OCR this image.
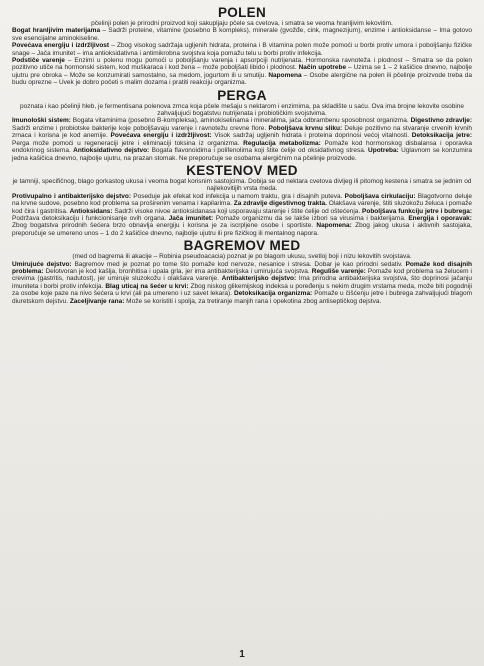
POLEN

pčelinji polen je prirodni proizvod koji sakupljaju pčele sa cvetova, i smatra se veoma hranljivim lekovitim.

Bogat hranljivim materijama – Sadrži proteine, vitamine (posebno B kompleks), minerale (gvožđe, cink, magnezijum), enzime i antioksidanse – Ima gotovo sve esencijalne aminokiseline.

Povećava energiju i izdržljivost – Zbog visokog sadržaja ugljenih hidrata, proteina i B vitamina polen može pomoći u borbi protiv umora i poboljšanju fizičke snage – Jača imunitet – ima antioksidativna i antimikrobna svojstva koja pomažu telu u borbi protiv infekcija.

Podstiče varenje – Enzimi u polenu mogu pomoći u poboljšanju varenja i apsorpciji nutrijenata. Hormonska ravnoteža i plodnost – Smatra se da polen pozitivno utiče na hormonski sistem, kod muškaraca i kod žena – može poboljšati libido i plodnost. Način upotrebe – Uzima se 1 – 2 kašičice dnevno, najbolje ujutru pre obroka – Može se konzumirati samostalno, sa medom, jogurtom ili u smutiju. Napomena – Osobe alergične na polen ili pčelinje proizvode treba da budu oprezne – Uvek je dobro početi s malim dozama i pratiti reakciju organizma.

PERGA

poznata i kao pčelinji hleb, je fermentisana polenova zrnca koja pčele mešaju s nektarom i enzimima, pa skladište u saću. Ova ima brojne lekovite osobine zahvaljujući bogatstvu nutrijenata i probiotičkim svojstvima.

Imunološki sistem: Bogata vitaminima (posebno B-kompleksa), aminokiselinama i mineralima, jača odbrambenu sposobnost organizma. Digestivno zdravlje: Sadrži enzime i probiotske bakterije koje poboljšavaju varenje i ravnotežu crevne flore. Poboljšava krvnu sliku: Deluje pozitivno na stvaranje crvenih krvnih zrnaca i korisna je kod anemije. Povećava energiju i izdržljivost: Visok sadržaj ugljenih hidrata i proteina doprinosi većoj vitalnosti. Detoksikacija jetre: Perga može pomoći u regeneraciji jetre i eliminaciji toksina iz organizma. Regulacija metabolizma: Pomaže kod hormonskog disbalansa i oporavka endokrinog sistema. Antioksidativno dejstvo: Bogata flavonoidima i polifenolima koji štite ćelije od oksidativnog stresa. Upotreba: Uglavnom se konzumira jedna kašičica dnevno, najbolje ujutru, na prazan stomak. Ne preporučuje se osobama alergičnim na pčelinje proizvode.

KESTENOV MED

je tamniji, specifičnog, blago gorkastog ukusa i veoma bogat korisnim sastojcima. Dobija se od nektara cvetova divljeg ili pitomog kestena i smatra se jednim od najlekovitijih vrsta meda.

Protivupalno i antibakterijsko dejstvo: Poseduje jak efekat kod infekcija u namom traktu, gra i disajnih puteva. Poboljšava cirkulaciju: Blagotvorno deluje na krvne sudove, posebno kod problema sa proširenim venama i kapilarima. Za zdravlje digestivnog trakta. Olakšava varenje, štiti sluzokožu želuca i pomaže kod čira i gastritisa. Antioksidans: Sadrži visoke nivoe antioksidanasa koji usporavaju starenje i štite ćelije od oštećenja. Poboljšava funkciju jetre i bubrega: Podržava detoksikaciju i funkcionisanje ovih organa. Jača imunitet: Pomaže organizmu da se lakše izbori sa virusima i bakterijama. Energija i oporavak: Zbog bogatstva prirodnih šećera brzo obnavlja energiju i korisna je za iscrpljene osobe i sportiste. Napomena: Zbog jakog ukusa i aktivnih sastojaka, preporučuje se umereno unos – 1 do 2 kašičice dnevno, najbolje ujutru ili pre fizičkog ili mentalnog napora.

BAGREMOV MED

(med od bagrema ili akacije – Robinia pseudoacacia) poznat je po blagom ukusu, svetloj boji i nizu lekovitih svojstava.

Umirujuće dejstvo: Bagremov med je poznat po tome što pomaže kod nervoze, nesanice i stresa. Dobar je kao prirodni sedativ. Pomaže kod disajnih problema: Delotvoran je kod kašlja, bronhitisa i upala grla, jer ima antibakterijska i umirujuća svojstva. Reguliše varenje: Pomaže kod problema sa želucem i crevima (gastritis, nadutost), jer umiruje sluzokožu i olakšava varenje. Antibakterijsko dejstvo: Ima prirodna antibakterijska svojstva, što doprinosi jačanju imuniteta i borbi protiv infekcija. Blag uticaj na šećer u krvi: Zbog niskog glikemijskog indeksa u poređenju s nekim drugim vrstama meda, može biti pogodniji za osobe koje paze na nivo šećera u krvi (ali pa umereno i uz savet lekara). Detoksikacija organizma: Pomaže u čišćenju jetre i bubrega zahvaljujući blagom diuretskom dejstvu. Zaceljivanje rana: Može se koristiti i spolja, za tretiranje manjih rana i opekotina zbog antiseptičkog dejstva.

1
